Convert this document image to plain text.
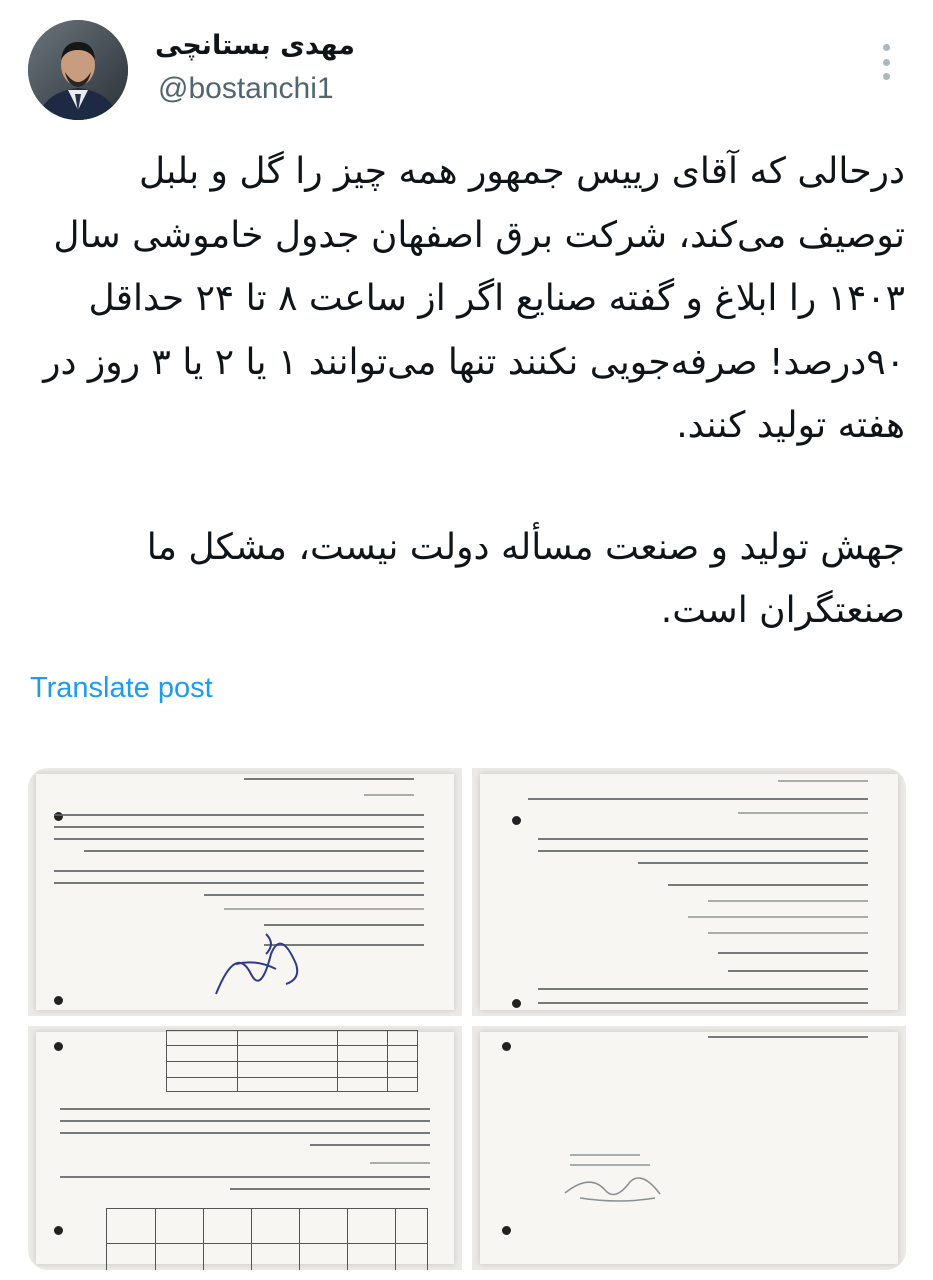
مهدی بستانچی
@bostanchi1

درحالی که آقای رییس جمهور همه چیز را گل و بلبل توصیف می‌کند، شرکت برق اصفهان جدول خاموشی سال ۱۴۰۳ را ابلاغ و گفته صنایع اگر از ساعت ۸ تا ۲۴ حداقل ۹۰درصد! صرفه‌جویی نکنند تنها می‌توانند ۱ یا ۲ یا ۳ روز در هفته تولید کنند.

جهش تولید و صنعت مسأله دولت نیست، مشکل ما صنعتگران است.

Translate post
